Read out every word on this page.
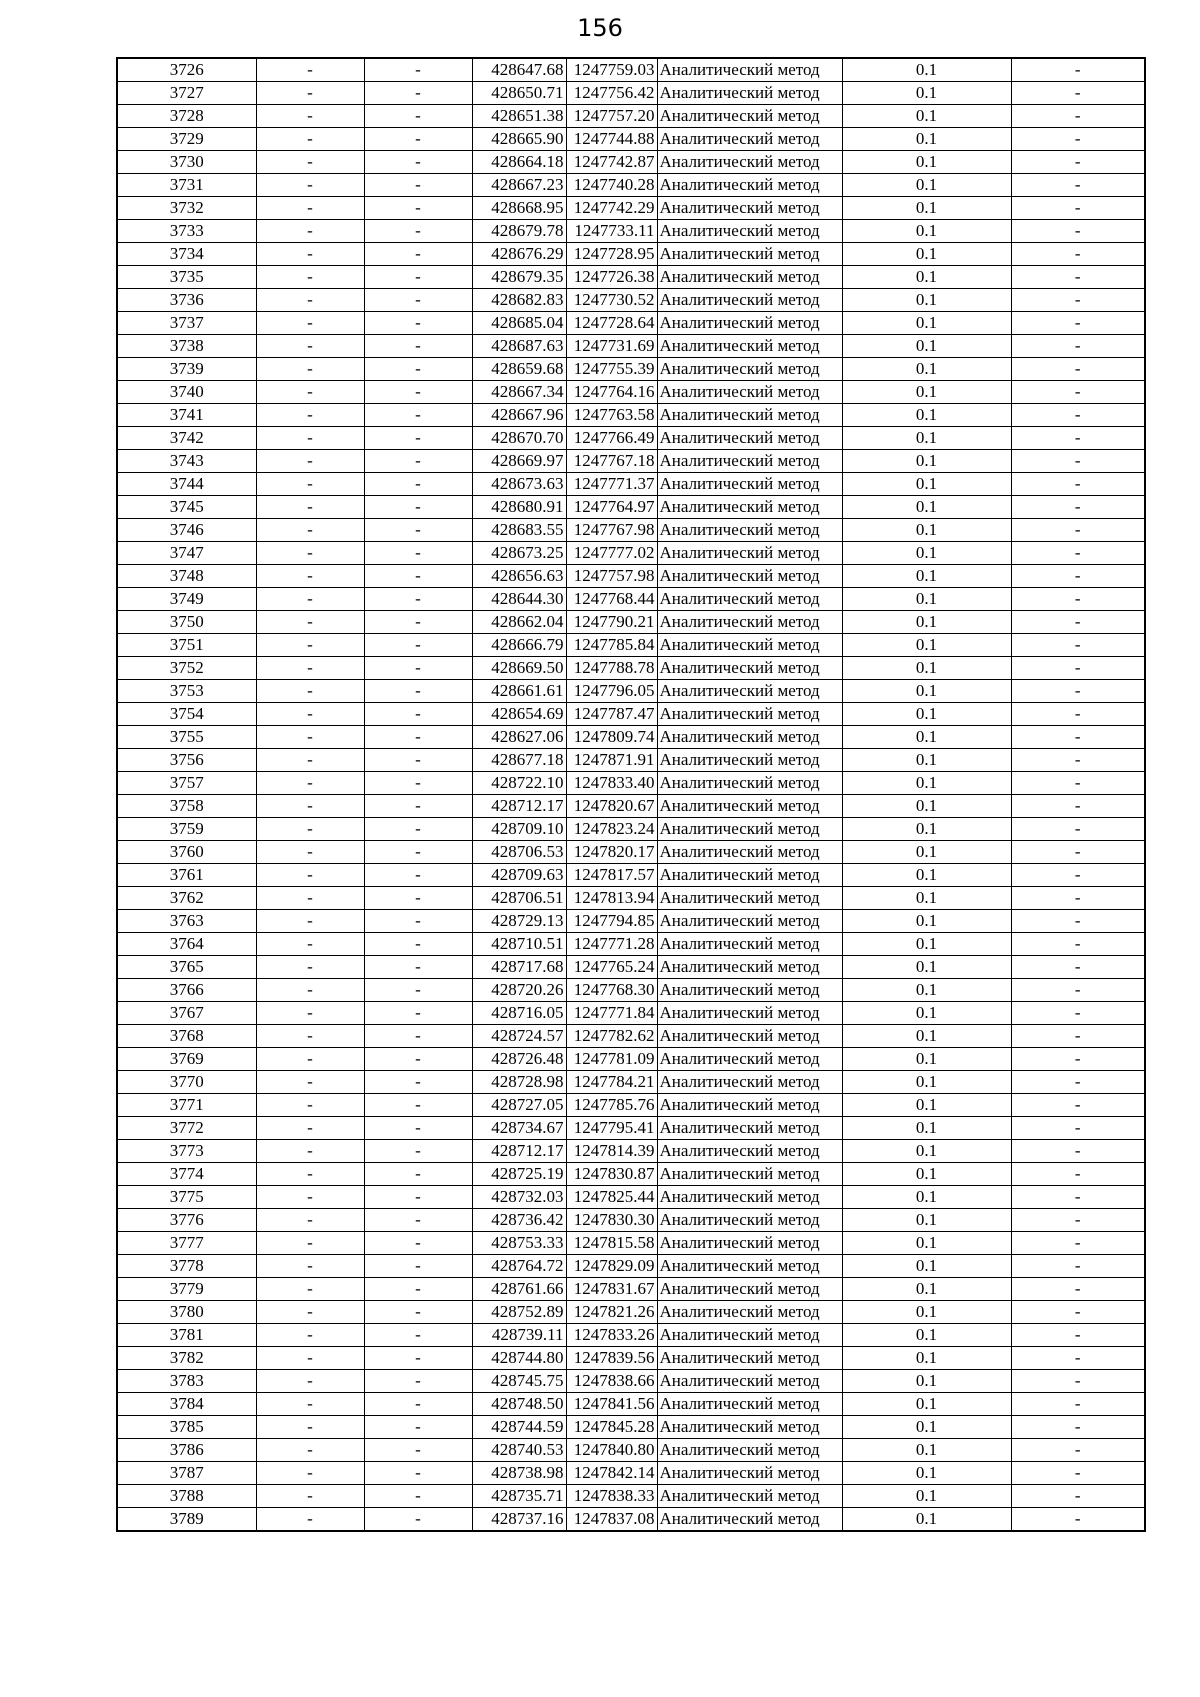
156
3726	-	-	428647.68	1247759.03	Аналитический метод	0.1	-
3727	-	-	428650.71	1247756.42	Аналитический метод	0.1	-
3728	-	-	428651.38	1247757.20	Аналитический метод	0.1	-
3729	-	-	428665.90	1247744.88	Аналитический метод	0.1	-
3730	-	-	428664.18	1247742.87	Аналитический метод	0.1	-
3731	-	-	428667.23	1247740.28	Аналитический метод	0.1	-
3732	-	-	428668.95	1247742.29	Аналитический метод	0.1	-
3733	-	-	428679.78	1247733.11	Аналитический метод	0.1	-
3734	-	-	428676.29	1247728.95	Аналитический метод	0.1	-
3735	-	-	428679.35	1247726.38	Аналитический метод	0.1	-
3736	-	-	428682.83	1247730.52	Аналитический метод	0.1	-
3737	-	-	428685.04	1247728.64	Аналитический метод	0.1	-
3738	-	-	428687.63	1247731.69	Аналитический метод	0.1	-
3739	-	-	428659.68	1247755.39	Аналитический метод	0.1	-
3740	-	-	428667.34	1247764.16	Аналитический метод	0.1	-
3741	-	-	428667.96	1247763.58	Аналитический метод	0.1	-
3742	-	-	428670.70	1247766.49	Аналитический метод	0.1	-
3743	-	-	428669.97	1247767.18	Аналитический метод	0.1	-
3744	-	-	428673.63	1247771.37	Аналитический метод	0.1	-
3745	-	-	428680.91	1247764.97	Аналитический метод	0.1	-
3746	-	-	428683.55	1247767.98	Аналитический метод	0.1	-
3747	-	-	428673.25	1247777.02	Аналитический метод	0.1	-
3748	-	-	428656.63	1247757.98	Аналитический метод	0.1	-
3749	-	-	428644.30	1247768.44	Аналитический метод	0.1	-
3750	-	-	428662.04	1247790.21	Аналитический метод	0.1	-
3751	-	-	428666.79	1247785.84	Аналитический метод	0.1	-
3752	-	-	428669.50	1247788.78	Аналитический метод	0.1	-
3753	-	-	428661.61	1247796.05	Аналитический метод	0.1	-
3754	-	-	428654.69	1247787.47	Аналитический метод	0.1	-
3755	-	-	428627.06	1247809.74	Аналитический метод	0.1	-
3756	-	-	428677.18	1247871.91	Аналитический метод	0.1	-
3757	-	-	428722.10	1247833.40	Аналитический метод	0.1	-
3758	-	-	428712.17	1247820.67	Аналитический метод	0.1	-
3759	-	-	428709.10	1247823.24	Аналитический метод	0.1	-
3760	-	-	428706.53	1247820.17	Аналитический метод	0.1	-
3761	-	-	428709.63	1247817.57	Аналитический метод	0.1	-
3762	-	-	428706.51	1247813.94	Аналитический метод	0.1	-
3763	-	-	428729.13	1247794.85	Аналитический метод	0.1	-
3764	-	-	428710.51	1247771.28	Аналитический метод	0.1	-
3765	-	-	428717.68	1247765.24	Аналитический метод	0.1	-
3766	-	-	428720.26	1247768.30	Аналитический метод	0.1	-
3767	-	-	428716.05	1247771.84	Аналитический метод	0.1	-
3768	-	-	428724.57	1247782.62	Аналитический метод	0.1	-
3769	-	-	428726.48	1247781.09	Аналитический метод	0.1	-
3770	-	-	428728.98	1247784.21	Аналитический метод	0.1	-
3771	-	-	428727.05	1247785.76	Аналитический метод	0.1	-
3772	-	-	428734.67	1247795.41	Аналитический метод	0.1	-
3773	-	-	428712.17	1247814.39	Аналитический метод	0.1	-
3774	-	-	428725.19	1247830.87	Аналитический метод	0.1	-
3775	-	-	428732.03	1247825.44	Аналитический метод	0.1	-
3776	-	-	428736.42	1247830.30	Аналитический метод	0.1	-
3777	-	-	428753.33	1247815.58	Аналитический метод	0.1	-
3778	-	-	428764.72	1247829.09	Аналитический метод	0.1	-
3779	-	-	428761.66	1247831.67	Аналитический метод	0.1	-
3780	-	-	428752.89	1247821.26	Аналитический метод	0.1	-
3781	-	-	428739.11	1247833.26	Аналитический метод	0.1	-
3782	-	-	428744.80	1247839.56	Аналитический метод	0.1	-
3783	-	-	428745.75	1247838.66	Аналитический метод	0.1	-
3784	-	-	428748.50	1247841.56	Аналитический метод	0.1	-
3785	-	-	428744.59	1247845.28	Аналитический метод	0.1	-
3786	-	-	428740.53	1247840.80	Аналитический метод	0.1	-
3787	-	-	428738.98	1247842.14	Аналитический метод	0.1	-
3788	-	-	428735.71	1247838.33	Аналитический метод	0.1	-
3789	-	-	428737.16	1247837.08	Аналитический метод	0.1	-
